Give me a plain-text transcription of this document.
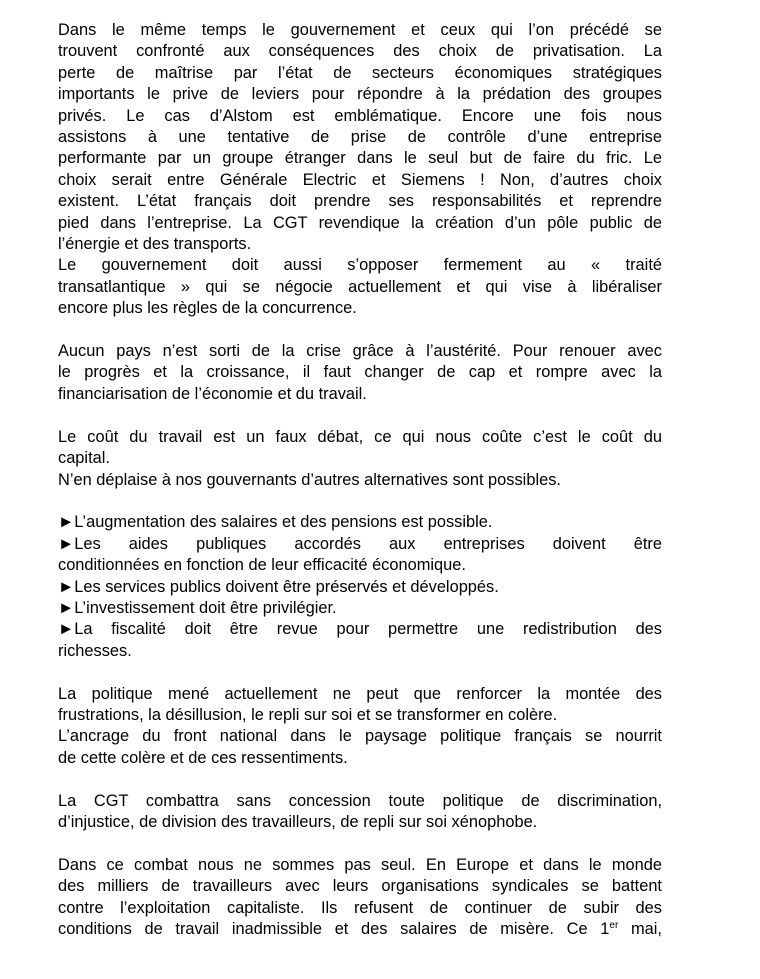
Dans le même temps le gouvernement et ceux qui l’on précédé se
trouvent confronté aux conséquences des choix de privatisation. La
perte de maîtrise par l’état de secteurs économiques stratégiques
importants le prive de leviers pour répondre à la prédation des groupes
privés. Le cas d’Alstom est emblématique. Encore une fois nous
assistons à une tentative de prise de contrôle d’une entreprise
performante par un groupe étranger dans le seul but de faire du fric. Le
choix serait entre Générale Electric et Siemens ! Non, d’autres choix
existent. L’état français doit prendre ses responsabilités et reprendre
pied dans l’entreprise. La CGT revendique la création d’un pôle public de
l’énergie et des transports.
Le gouvernement doit aussi s’opposer fermement au « traité
transatlantique » qui se négocie actuellement et qui vise à libéraliser
encore plus les règles de la concurrence.
Aucun pays n’est sorti de la crise grâce à l’austérité. Pour renouer avec
le progrès et la croissance, il faut changer de cap et rompre avec la
financiarisation de l’économie et du travail.
Le coût du travail est un faux débat, ce qui nous coûte c’est le coût du
capital.
N’en déplaise à nos gouvernants d’autres alternatives sont possibles.
►L’augmentation des salaires et des pensions est possible.
►Les aides publiques accordés aux entreprises doivent être
conditionnées en fonction de leur efficacité économique.
►Les services publics doivent être préservés et développés.
►L’investissement doit être privilégier.
►La fiscalité doit être revue pour permettre une redistribution des
richesses.
La politique mené actuellement ne peut que renforcer la montée des
frustrations, la désillusion, le repli sur soi et se transformer en colère.
L’ancrage du front national dans le paysage politique français se nourrit
de cette colère et de ces ressentiments.
La CGT combattra sans concession toute politique de discrimination,
d’injustice, de division des travailleurs, de repli sur soi xénophobe.
Dans ce combat nous ne sommes pas seul. En Europe et dans le monde
des milliers de travailleurs avec leurs organisations syndicales se battent
contre l’exploitation capitaliste. Ils refusent de continuer de subir des
conditions de travail inadmissible et des salaires de misère. Ce 1er mai,
